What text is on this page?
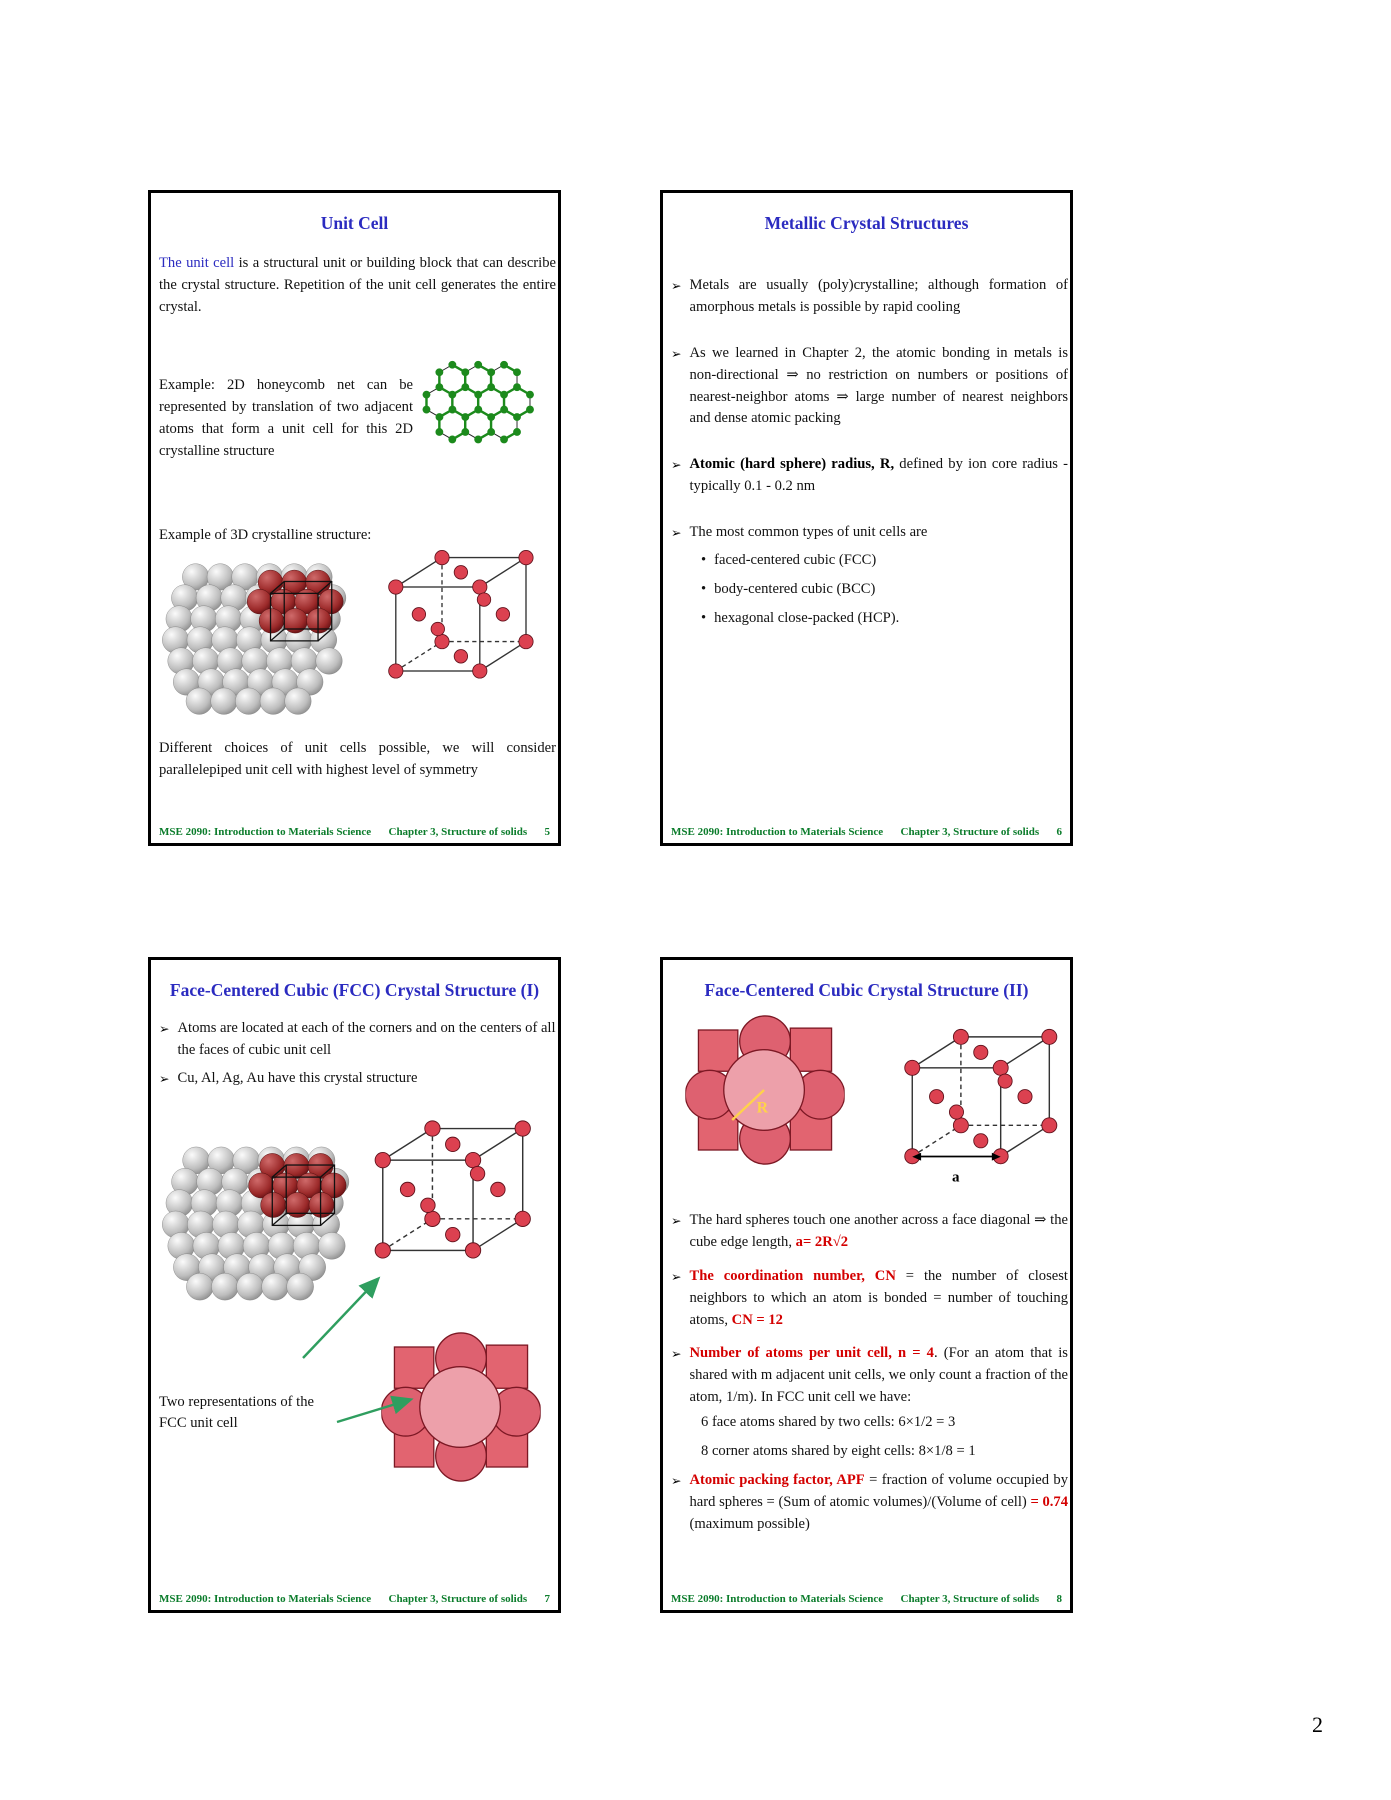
Unit Cell

The unit cell is a structural unit or building block that can describe the crystal structure. Repetition of the unit cell generates the entire crystal.

Example: 2D honeycomb net can be represented by translation of two adjacent atoms that form a unit cell for this 2D crystalline structure

Example of 3D crystalline structure:

Different choices of unit cells possible, we will consider parallelepiped unit cell with highest level of symmetry

MSE 2090: Introduction to Materials Science Chapter 3, Structure of solids 5
Metallic Crystal Structures
➢ Metals are usually (poly)crystalline; although formation of amorphous metals is possible by rapid cooling
➢ As we learned in Chapter 2, the atomic bonding in metals is non-directional ⇒ no restriction on numbers or positions of nearest-neighbor atoms ⇒ large number of nearest neighbors and dense atomic packing
➢ Atomic (hard sphere) radius, R, defined by ion core radius - typically 0.1 - 0.2 nm
➢ The most common types of unit cells are
• faced-centered cubic (FCC)
• body-centered cubic (BCC)
• hexagonal close-packed (HCP).
MSE 2090: Introduction to Materials Science Chapter 3, Structure of solids 6
Face-Centered Cubic (FCC) Crystal Structure (I)
➢ Atoms are located at each of the corners and on the centers of all the faces of cubic unit cell
➢ Cu, Al, Ag, Au have this crystal structure
Two representations of the FCC unit cell
MSE 2090: Introduction to Materials Science Chapter 3, Structure of solids 7
Face-Centered Cubic Crystal Structure (II)
R
a
➢ The hard spheres touch one another across a face diagonal ⇒ the cube edge length, a= 2R√2
➢ The coordination number, CN = the number of closest neighbors to which an atom is bonded = number of touching atoms, CN = 12
➢ Number of atoms per unit cell, n = 4. (For an atom that is shared with m adjacent unit cells, we only count a fraction of the atom, 1/m). In FCC unit cell we have:
6 face atoms shared by two cells: 6×1/2 = 3
8 corner atoms shared by eight cells: 8×1/8 = 1
➢ Atomic packing factor, APF = fraction of volume occupied by hard spheres = (Sum of atomic volumes)/(Volume of cell) = 0.74 (maximum possible)
MSE 2090: Introduction to Materials Science Chapter 3, Structure of solids 8
2
